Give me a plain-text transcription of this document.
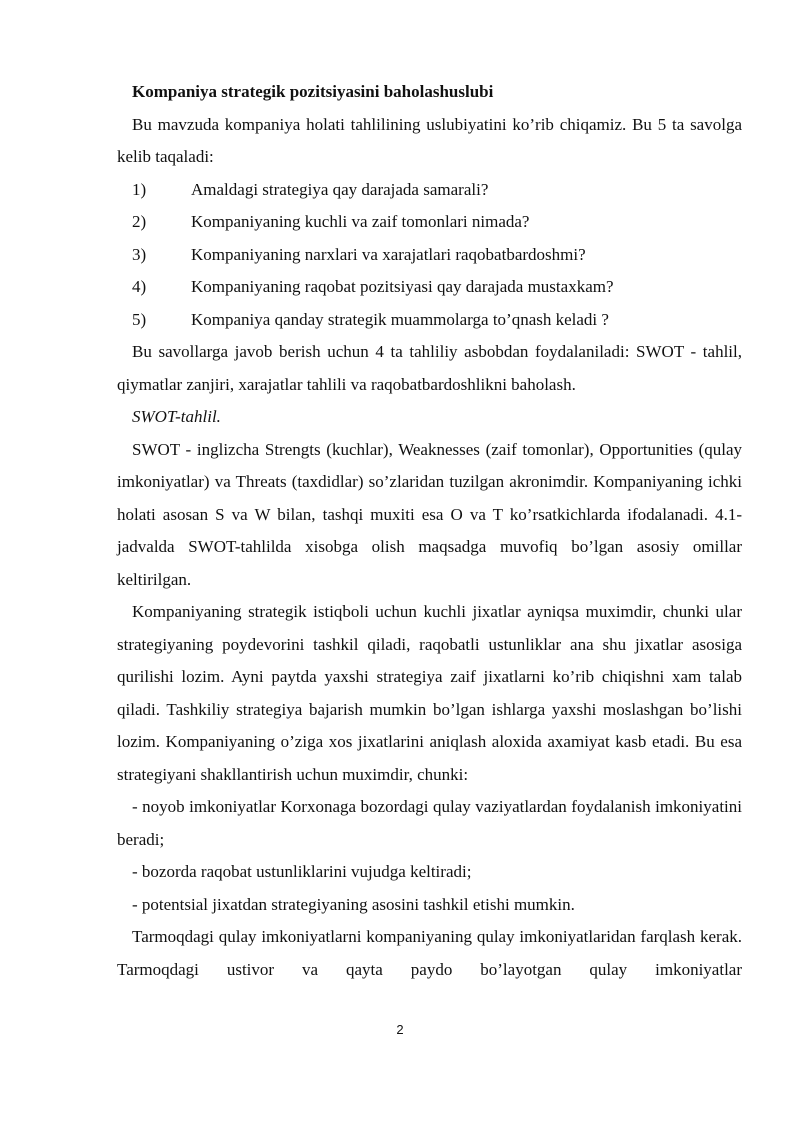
Kompaniya strategik pozitsiyasini baholashuslubi

Bu mavzuda kompaniya holati tahlilining uslubiyatini ko’rib chiqamiz. Bu 5 ta savolga kelib taqaladi:

1)	Amaldagi strategiya qay darajada samarali?
2)	Kompaniyaning kuchli va zaif tomonlari nimada?
3)	Kompaniyaning narxlari va xarajatlari raqobatbardoshmi?
4)	Kompaniyaning raqobat pozitsiyasi qay darajada mustaxkam?
5)	Kompaniya qanday strategik muammolarga to’qnash keladi ?

Bu savollarga javob berish uchun 4 ta tahliliy asbobdan foydalaniladi: SWOT - tahlil, qiymatlar zanjiri, xarajatlar tahlili va raqobatbardoshlikni baholash.

SWOT-tahlil.

SWOT - inglizcha Strengts (kuchlar), Weaknesses (zaif tomonlar), Opportunities (qulay imkoniyatlar) va Threats (taxdidlar) so’zlaridan tuzilgan akronimdir. Kompaniyaning ichki holati asosan S va W bilan, tashqi muxiti esa O va T ko’rsatkichlarda ifodalanadi. 4.1-jadvalda SWOT-tahlilda xisobga olish maqsadga muvofiq bo’lgan asosiy omillar keltirilgan.

Kompaniyaning strategik istiqboli uchun kuchli jixatlar ayniqsa muximdir, chunki ular strategiyaning poydevorini tashkil qiladi, raqobatli ustunliklar ana shu jixatlar asosiga qurilishi lozim. Ayni paytda yaxshi strategiya zaif jixatlarni ko’rib chiqishni xam talab qiladi. Tashkiliy strategiya bajarish mumkin bo’lgan ishlarga yaxshi moslashgan bo’lishi lozim. Kompaniyaning o’ziga xos jixatlarini aniqlash aloxida axamiyat kasb etadi. Bu esa strategiyani shakllantirish uchun muximdir, chunki:

- noyob imkoniyatlar Korxonaga bozordagi qulay vaziyatlardan foydalanish imkoniyatini beradi;

- bozorda raqobat ustunliklarini vujudga keltiradi;

- potentsial jixatdan strategiyaning asosini tashkil etishi mumkin.

Tarmoqdagi qulay imkoniyatlarni kompaniyaning qulay imkoniyatlaridan farqlash kerak. Tarmoqdagi ustivor va qayta paydo bo’layotgan qulay imkoniyatlar

2
